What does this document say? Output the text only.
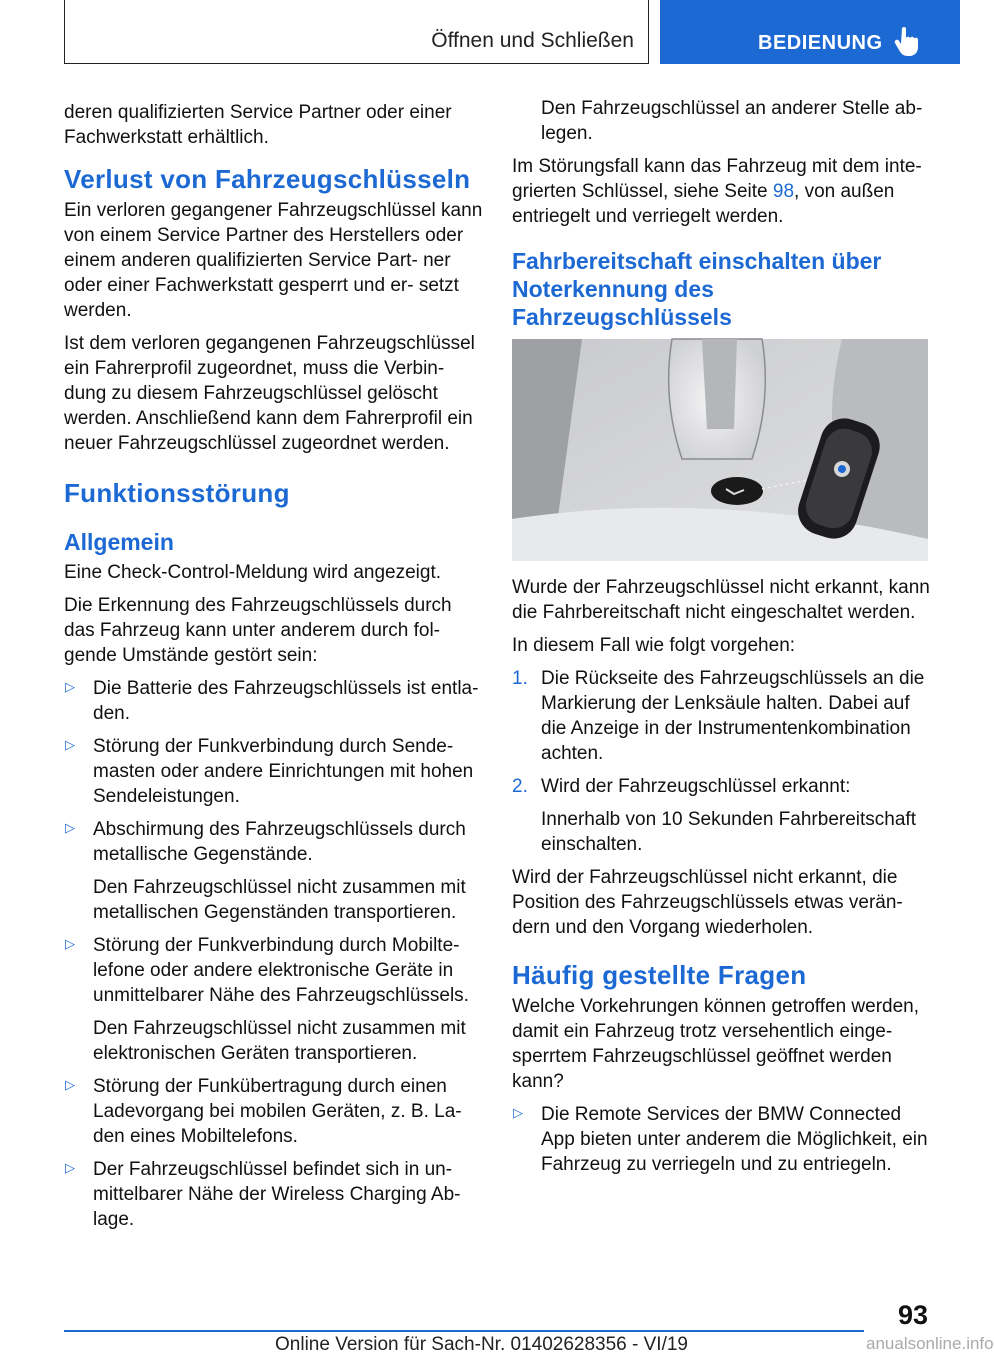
Öffnen und Schließen	BEDIENUNG

deren qualifizierten Service Partner oder einer Fachwerkstatt erhältlich.

Verlust von Fahrzeugschlüsseln

Ein verloren gegangener Fahrzeugschlüssel kann von einem Service Partner des Herstellers oder einem anderen qualifizierten Service Part‐ ner oder einer Fachwerkstatt gesperrt und er‐ setzt werden.

Ist dem verloren gegangenen Fahrzeugschlüssel ein Fahrerprofil zugeordnet, muss die Verbin‐ dung zu diesem Fahrzeugschlüssel gelöscht werden. Anschließend kann dem Fahrerprofil ein neuer Fahrzeugschlüssel zugeordnet werden.

Funktionsstörung
Allgemein

Eine Check-Control-Meldung wird angezeigt.

Die Erkennung des Fahrzeugschlüssels durch das Fahrzeug kann unter anderem durch fol‐ gende Umstände gestört sein:

▷ Die Batterie des Fahrzeugschlüssels ist entla‐ den.

▷ Störung der Funkverbindung durch Sende‐ masten oder andere Einrichtungen mit hohen Sendeleistungen.

▷ Abschirmung des Fahrzeugschlüssels durch metallische Gegenstände.

Den Fahrzeugschlüssel nicht zusammen mit metallischen Gegenständen transportieren.

▷ Störung der Funkverbindung durch Mobilte‐ lefone oder andere elektronische Geräte in unmittelbarer Nähe des Fahrzeugschlüssels.

Den Fahrzeugschlüssel nicht zusammen mit elektronischen Geräten transportieren.

▷ Störung der Funkübertragung durch einen Ladevorgang bei mobilen Geräten, z. B. La‐ den eines Mobiltelefons.

▷ Der Fahrzeugschlüssel befindet sich in un‐ mittelbarer Nähe der Wireless Charging Ab‐ lage.

Den Fahrzeugschlüssel an anderer Stelle ab‐ legen.

Im Störungsfall kann das Fahrzeug mit dem inte‐ grierten Schlüssel, siehe Seite 98, von außen entriegelt und verriegelt werden.

Fahrbereitschaft einschalten über Noterkennung des Fahrzeugschlüssels

Wurde der Fahrzeugschlüssel nicht erkannt, kann die Fahrbereitschaft nicht eingeschaltet werden.

In diesem Fall wie folgt vorgehen:

1. Die Rückseite des Fahrzeugschlüssels an die Markierung der Lenksäule halten. Dabei auf die Anzeige in der Instrumentenkombination achten.

2. Wird der Fahrzeugschlüssel erkannt:

Innerhalb von 10 Sekunden Fahrbereitschaft einschalten.

Wird der Fahrzeugschlüssel nicht erkannt, die Position des Fahrzeugschlüssels etwas verän‐ dern und den Vorgang wiederholen.

Häufig gestellte Fragen

Welche Vorkehrungen können getroffen werden, damit ein Fahrzeug trotz versehentlich einge‐ sperrtem Fahrzeugschlüssel geöffnet werden kann?

▷ Die Remote Services der BMW Connected App bieten unter anderem die Möglichkeit, ein Fahrzeug zu verriegeln und zu entriegeln.

93
Online Version für Sach-Nr. 01402628356 - VI/19	anualsonline.info
